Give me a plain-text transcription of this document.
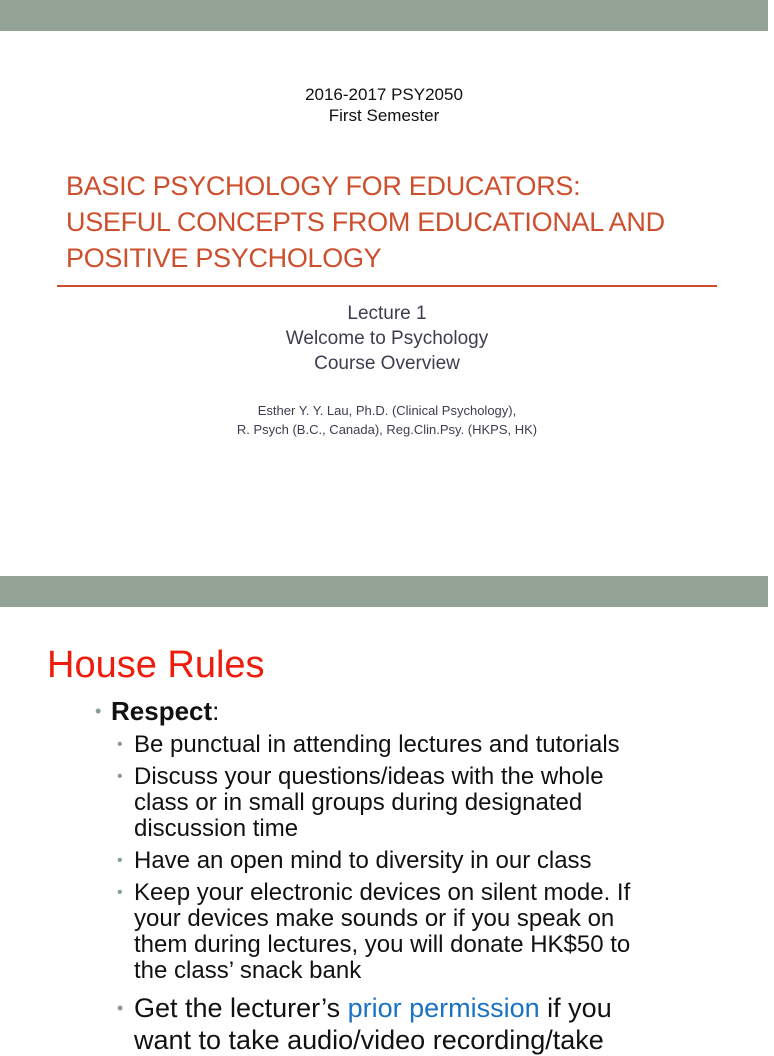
2016-2017 PSY2050
First Semester
BASIC PSYCHOLOGY FOR EDUCATORS:
USEFUL CONCEPTS FROM EDUCATIONAL AND
POSITIVE PSYCHOLOGY
Lecture 1
Welcome to Psychology
Course Overview
Esther Y. Y. Lau, Ph.D. (Clinical Psychology),
R. Psych (B.C., Canada), Reg.Clin.Psy. (HKPS, HK)
House Rules
• Respect:
• Be punctual in attending lectures and tutorials
• Discuss your questions/ideas with the whole
class or in small groups during designated
discussion time
• Have an open mind to diversity in our class
• Keep your electronic devices on silent mode. If
your devices make sounds or if you speak on
them during lectures, you will donate HK$50 to
the class’ snack bank
• Get the lecturer’s prior permission if you
want to take audio/video recording/take
